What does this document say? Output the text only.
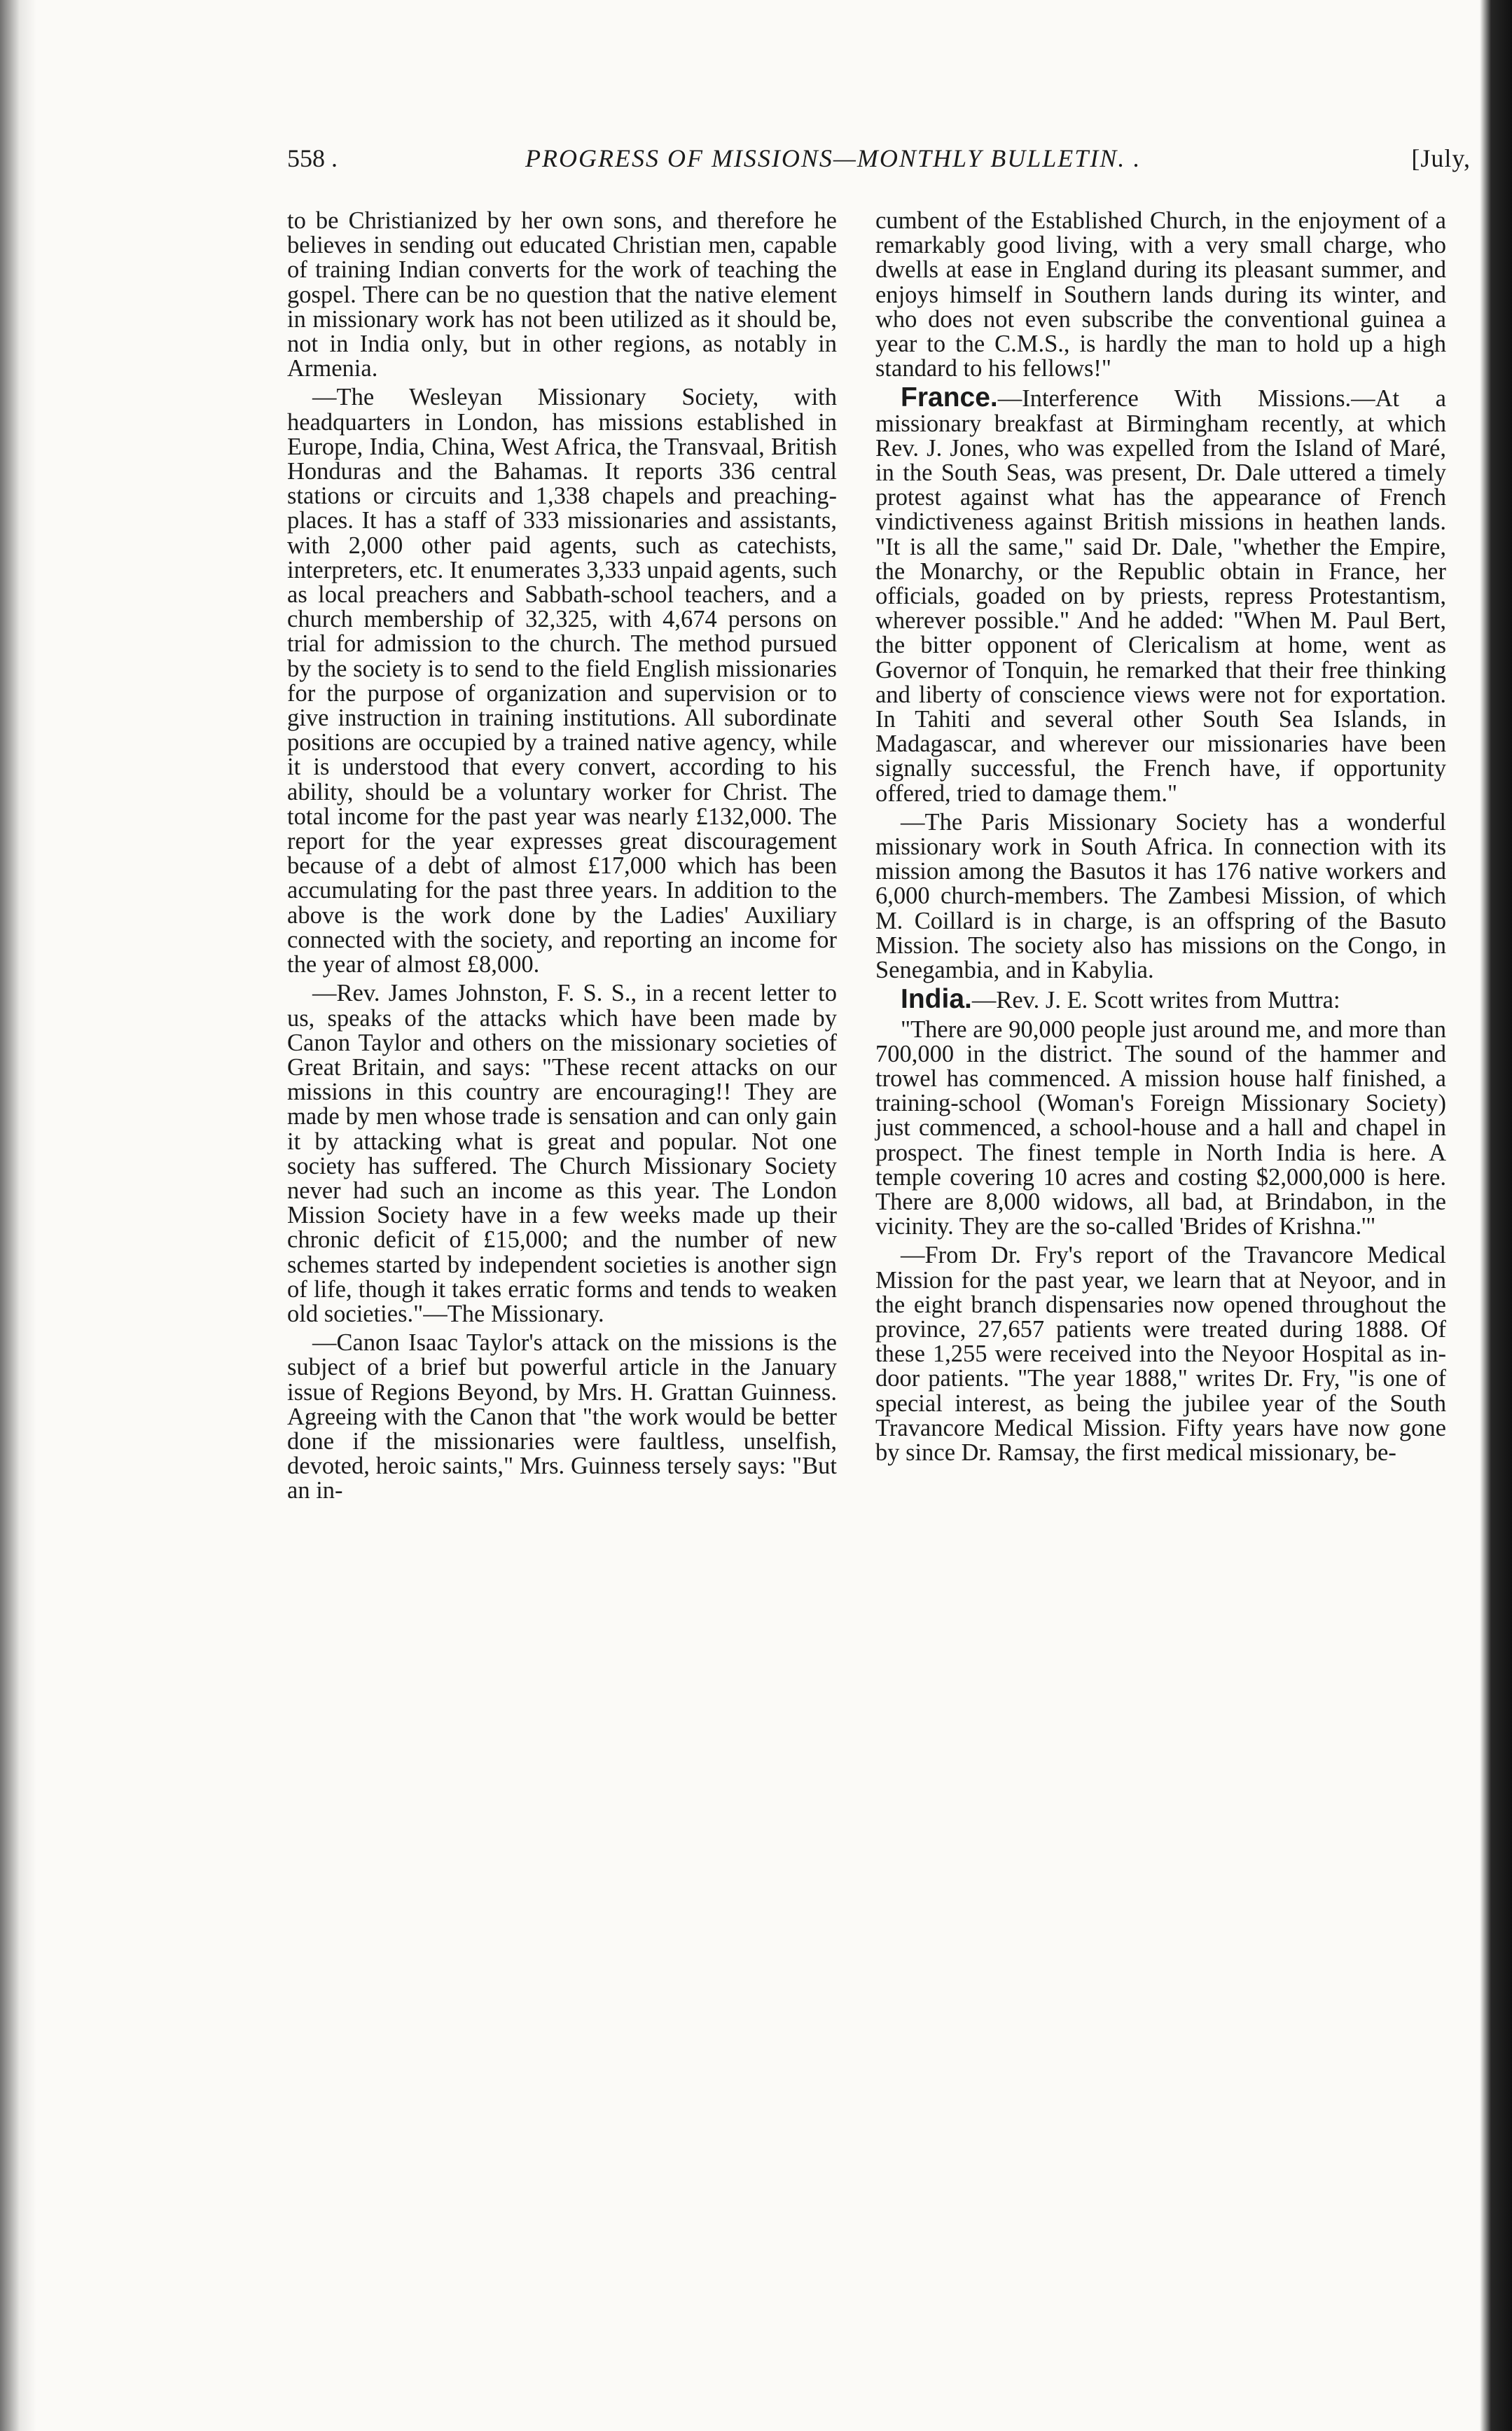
558 .	PROGRESS OF MISSIONS—MONTHLY BULLETIN. .	[July,

to be Christianized by her own sons, and therefore he believes in sending out educated Christian men, capable of training Indian converts for the work of teaching the gospel. There can be no question that the native element in missionary work has not been utilized as it should be, not in India only, but in other regions, as notably in Armenia.

—The Wesleyan Missionary Society, with headquarters in London, has missions established in Europe, India, China, West Africa, the Transvaal, British Honduras and the Bahamas. It reports 336 central stations or circuits and 1,338 chapels and preaching-places. It has a staff of 333 missionaries and assistants, with 2,000 other paid agents, such as catechists, interpreters, etc. It enumerates 3,333 unpaid agents, such as local preachers and Sabbath-school teachers, and a church membership of 32,325, with 4,674 persons on trial for admission to the church. The method pursued by the society is to send to the field English missionaries for the purpose of organization and supervision or to give instruction in training institutions. All subordinate positions are occupied by a trained native agency, while it is understood that every convert, according to his ability, should be a voluntary worker for Christ. The total income for the past year was nearly £132,000. The report for the year expresses great discouragement because of a debt of almost £17,000 which has been accumulating for the past three years. In addition to the above is the work done by the Ladies' Auxiliary connected with the society, and reporting an income for the year of almost £8,000.

—Rev. James Johnston, F. S. S., in a recent letter to us, speaks of the attacks which have been made by Canon Taylor and others on the missionary societies of Great Britain, and says: "These recent attacks on our missions in this country are encouraging!! They are made by men whose trade is sensation and can only gain it by attacking what is great and popular. Not one society has suffered. The Church Missionary Society never had such an income as this year. The London Mission Society have in a few weeks made up their chronic deficit of £15,000; and the number of new schemes started by independent societies is another sign of life, though it takes erratic forms and tends to weaken old societies."—The Missionary.

—Canon Isaac Taylor's attack on the missions is the subject of a brief but powerful article in the January issue of Regions Beyond, by Mrs. H. Grattan Guinness. Agreeing with the Canon that "the work would be better done if the missionaries were faultless, unselfish, devoted, heroic saints," Mrs. Guinness tersely says: "But an in-

cumbent of the Established Church, in the enjoyment of a remarkably good living, with a very small charge, who dwells at ease in England during its pleasant summer, and enjoys himself in Southern lands during its winter, and who does not even subscribe the conventional guinea a year to the C.M.S., is hardly the man to hold up a high standard to his fellows!"

France.—Interference With Missions.—At a missionary breakfast at Birmingham recently, at which Rev. J. Jones, who was expelled from the Island of Maré, in the South Seas, was present, Dr. Dale uttered a timely protest against what has the appearance of French vindictiveness against British missions in heathen lands. "It is all the same," said Dr. Dale, "whether the Empire, the Monarchy, or the Republic obtain in France, her officials, goaded on by priests, repress Protestantism, wherever possible." And he added: "When M. Paul Bert, the bitter opponent of Clericalism at home, went as Governor of Tonquin, he remarked that their free thinking and liberty of conscience views were not for exportation. In Tahiti and several other South Sea Islands, in Madagascar, and wherever our missionaries have been signally successful, the French have, if opportunity offered, tried to damage them."

—The Paris Missionary Society has a wonderful missionary work in South Africa. In connection with its mission among the Basutos it has 176 native workers and 6,000 church-members. The Zambesi Mission, of which M. Coillard is in charge, is an offspring of the Basuto Mission. The society also has missions on the Congo, in Senegambia, and in Kabylia.

India.—Rev. J. E. Scott writes from Muttra:

"There are 90,000 people just around me, and more than 700,000 in the district. The sound of the hammer and trowel has commenced. A mission house half finished, a training-school (Woman's Foreign Missionary Society) just commenced, a school-house and a hall and chapel in prospect. The finest temple in North India is here. A temple covering 10 acres and costing $2,000,000 is here. There are 8,000 widows, all bad, at Brindabon, in the vicinity. They are the so-called 'Brides of Krishna.'"

—From Dr. Fry's report of the Travancore Medical Mission for the past year, we learn that at Neyoor, and in the eight branch dispensaries now opened throughout the province, 27,657 patients were treated during 1888. Of these 1,255 were received into the Neyoor Hospital as in-door patients. "The year 1888," writes Dr. Fry, "is one of special interest, as being the jubilee year of the South Travancore Medical Mission. Fifty years have now gone by since Dr. Ramsay, the first medical missionary, be-
